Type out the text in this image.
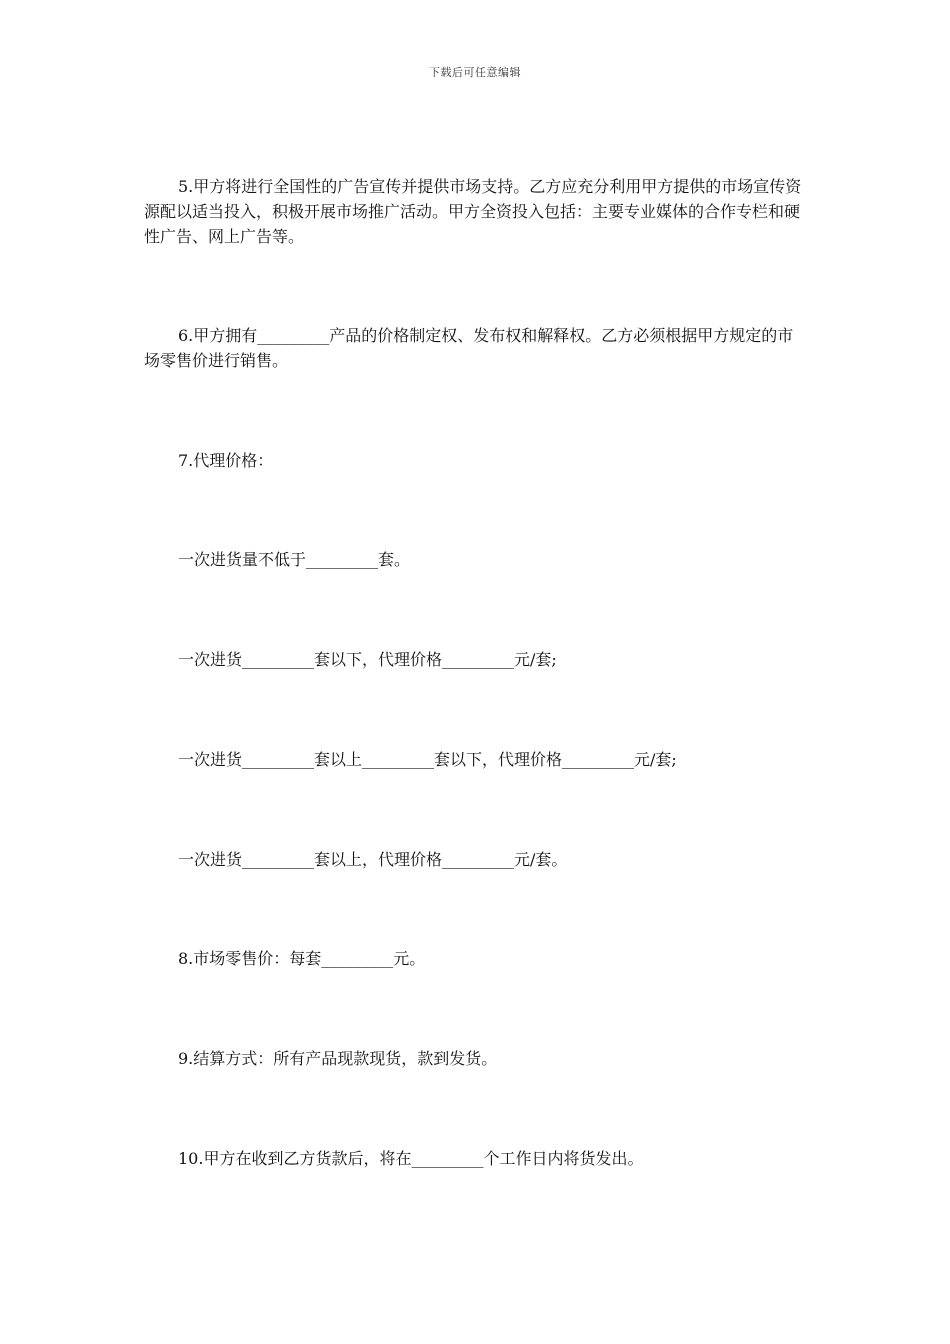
下载后可任意编辑

5.甲方将进行全国性的广告宣传并提供市场支持。乙方应充分利用甲方提供的市场宣传资源配以适当投入，积极开展市场推广活动。甲方全资投入包括：主要专业媒体的合作专栏和硬性广告、网上广告等。

6.甲方拥有_________产品的价格制定权、发布权和解释权。乙方必须根据甲方规定的市场零售价进行销售。

7.代理价格：

一次进货量不低于_________套。

一次进货_________套以下，代理价格_________元/套;

一次进货_________套以上_________套以下，代理价格_________元/套;

一次进货_________套以上，代理价格_________元/套。

8.市场零售价：每套_________元。

9.结算方式：所有产品现款现货，款到发货。

10.甲方在收到乙方货款后，将在_________个工作日内将货发出。
